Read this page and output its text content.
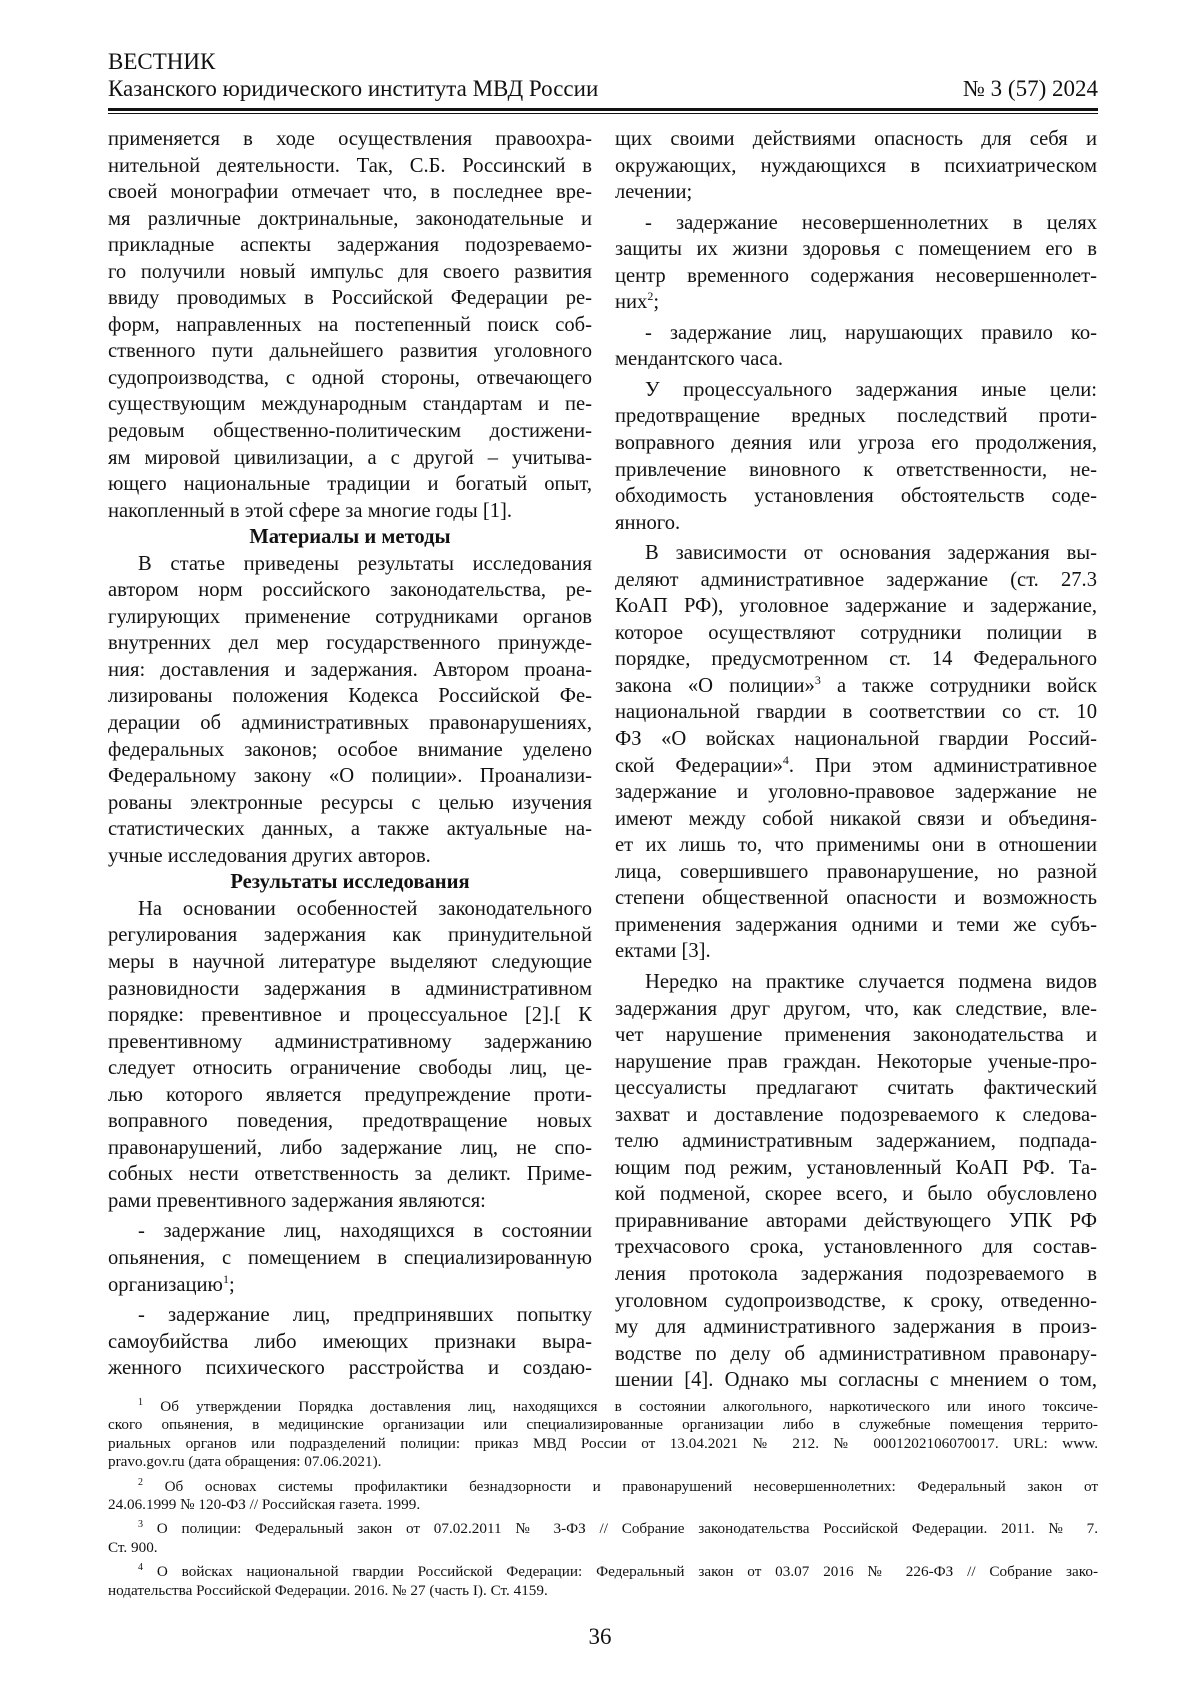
ВЕСТНИК
Казанского юридического института МВД России	№ 3 (57) 2024
применяется в ходе осуществления правоохра-
нительной деятельности. Так, С.Б. Россинский в
своей монографии отмечает что, в последнее вре-
мя различные доктринальные, законодательные и
прикладные аспекты задержания подозреваемо-
го получили новый импульс для своего развития
ввиду проводимых в Российской Федерации ре-
форм, направленных на постепенный поиск соб-
ственного пути дальнейшего развития уголовного
судопроизводства, с одной стороны, отвечающего
существующим международным стандартам и пе-
редовым общественно-политическим достижени-
ям мировой цивилизации, а с другой – учитыва-
ющего национальные традиции и богатый опыт,
накопленный в этой сфере за многие годы [1].
Материалы и методы
В статье приведены результаты исследования
автором норм российского законодательства, ре-
гулирующих применение сотрудниками органов
внутренних дел мер государственного принужде-
ния: доставления и задержания. Автором проана-
лизированы положения Кодекса Российской Фе-
дерации об административных правонарушениях,
федеральных законов; особое внимание уделено
Федеральному закону «О полиции». Проанализи-
рованы электронные ресурсы с целью изучения
статистических данных, а также актуальные на-
учные исследования других авторов.
Результаты исследования
На основании особенностей законодательного
регулирования задержания как принудительной
меры в научной литературе выделяют следующие
разновидности задержания в административном
порядке: превентивное и процессуальное [2].[ К
превентивному административному задержанию
следует относить ограничение свободы лиц, це-
лью которого является предупреждение проти-
воправного поведения, предотвращение новых
правонарушений, либо задержание лиц, не спо-
собных нести ответственность за деликт. Приме-
рами превентивного задержания являются:
- задержание лиц, находящихся в состоянии
опьянения, с помещением в специализированную
организацию$^1$;
- задержание лиц, предпринявших попытку
самоубийства либо имеющих признаки выра-
женного психического расстройства и создаю-
щих своими действиями опасность для себя и
окружающих, нуждающихся в психиатрическом
лечении;
- задержание несовершеннолетних в целях
защиты их жизни здоровья с помещением его в
центр временного содержания несовершеннолет-
них$^2$;
- задержание лиц, нарушающих правило ко-
мендантского часа.
У процессуального задержания иные цели:
предотвращение вредных последствий проти-
воправного деяния или угроза его продолжения,
привлечение виновного к ответственности, не-
обходимость установления обстоятельств соде-
янного.
В зависимости от основания задержания вы-
деляют административное задержание (ст. 27.3
КоАП РФ), уголовное задержание и задержание,
которое осуществляют сотрудники полиции в
порядке, предусмотренном ст. 14 Федерального
закона «О полиции»$^3$ а также сотрудники войск
национальной гвардии в соответствии со ст. 10
ФЗ «О войсках национальной гвардии Россий-
ской Федерации»$^4$. При этом административное
задержание и уголовно-правовое задержание не
имеют между собой никакой связи и объединя-
ет их лишь то, что применимы они в отношении
лица, совершившего правонарушение, но разной
степени общественной опасности и возможность
применения задержания одними и теми же субъ-
ектами [3].
Нередко на практике случается подмена видов
задержания друг другом, что, как следствие, вле-
чет нарушение применения законодательства и
нарушение прав граждан. Некоторые ученые-про-
цессуалисты предлагают считать фактический
захват и доставление подозреваемого к следова-
телю административным задержанием, подпада-
ющим под режим, установленный КоАП РФ. Та-
кой подменой, скорее всего, и было обусловлено
приравнивание авторами действующего УПК РФ
трехчасового срока, установленного для состав-
ления протокола задержания подозреваемого в
уголовном судопроизводстве, к сроку, отведенно-
му для административного задержания в произ-
водстве по делу об административном правонару-
шении [4]. Однако мы согласны с мнением о том,
$^1$ Об утверждении Порядка доставления лиц, находящихся в состоянии алкогольного, наркотического или иного токсиче-
ского опьянения, в медицинские организации или специализированные организации либо в служебные помещения террито-
риальных органов или подразделений полиции: приказ МВД России от 13.04.2021 № 212. № 0001202106070017. URL: www.
pravo.gov.ru (дата обращения: 07.06.2021).
$^2$ Об основах системы профилактики безнадзорности и правонарушений несовершеннолетних: Федеральный закон от
24.06.1999 № 120-ФЗ // Российская газета. 1999.
$^3$ О полиции: Федеральный закон от 07.02.2011 № 3-ФЗ // Собрание законодательства Российской Федерации. 2011. № 7.
Ст. 900.
$^4$ О войсках национальной гвардии Российской Федерации: Федеральный закон от 03.07 2016 № 226-ФЗ // Собрание зако-
нодательства Российской Федерации. 2016. № 27 (часть I). Ст. 4159.
36
